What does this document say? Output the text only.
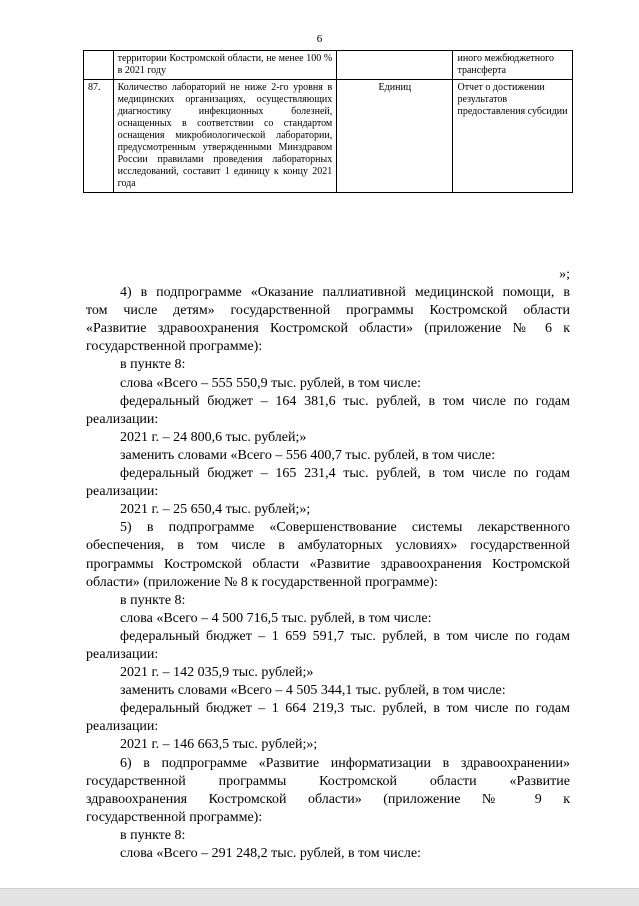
6
	территории Костромской области, не менее 100 % в 2021 году		иного межбюджетного трансферта
87.	Количество лабораторий не ниже 2-го уровня в медицинских организациях, осуществляющих диагностику инфекционных болезней, оснащенных в соответствии со стандартом оснащения микробиологической лаборатории, предусмотренным утвержденными Минздравом России правилами проведения лабораторных исследований, составит 1 единицу к концу 2021 года	Единиц	Отчет о достижении результатов предоставления субсидии
»;
4) в подпрограмме «Оказание паллиативной медицинской помощи, в
том числе детям» государственной программы Костромской области
«Развитие здравоохранения Костромской области» (приложение № 6 к
государственной программе):
в пункте 8:
слова «Всего – 555 550,9 тыс. рублей, в том числе:
федеральный бюджет – 164 381,6 тыс. рублей, в том числе по годам
реализации:
2021 г. – 24 800,6 тыс. рублей;»
заменить словами «Всего – 556 400,7 тыс. рублей, в том числе:
федеральный бюджет – 165 231,4 тыс. рублей, в том числе по годам
реализации:
2021 г. – 25 650,4 тыс. рублей;»;
5) в подпрограмме «Совершенствование системы лекарственного
обеспечения, в том числе в амбулаторных условиях» государственной
программы Костромской области «Развитие здравоохранения Костромской
области» (приложение № 8 к государственной программе):
в пункте 8:
слова «Всего – 4 500 716,5 тыс. рублей, в том числе:
федеральный бюджет – 1 659 591,7 тыс. рублей, в том числе по годам
реализации:
2021 г. – 142 035,9 тыс. рублей;»
заменить словами «Всего – 4 505 344,1 тыс. рублей, в том числе:
федеральный бюджет – 1 664 219,3 тыс. рублей, в том числе по годам
реализации:
2021 г. – 146 663,5 тыс. рублей;»;
6) в подпрограмме «Развитие информатизации в здравоохранении»
государственной программы Костромской области «Развитие
здравоохранения Костромской области» (приложение № 9 к
государственной программе):
в пункте 8:
слова «Всего – 291 248,2 тыс. рублей, в том числе:
